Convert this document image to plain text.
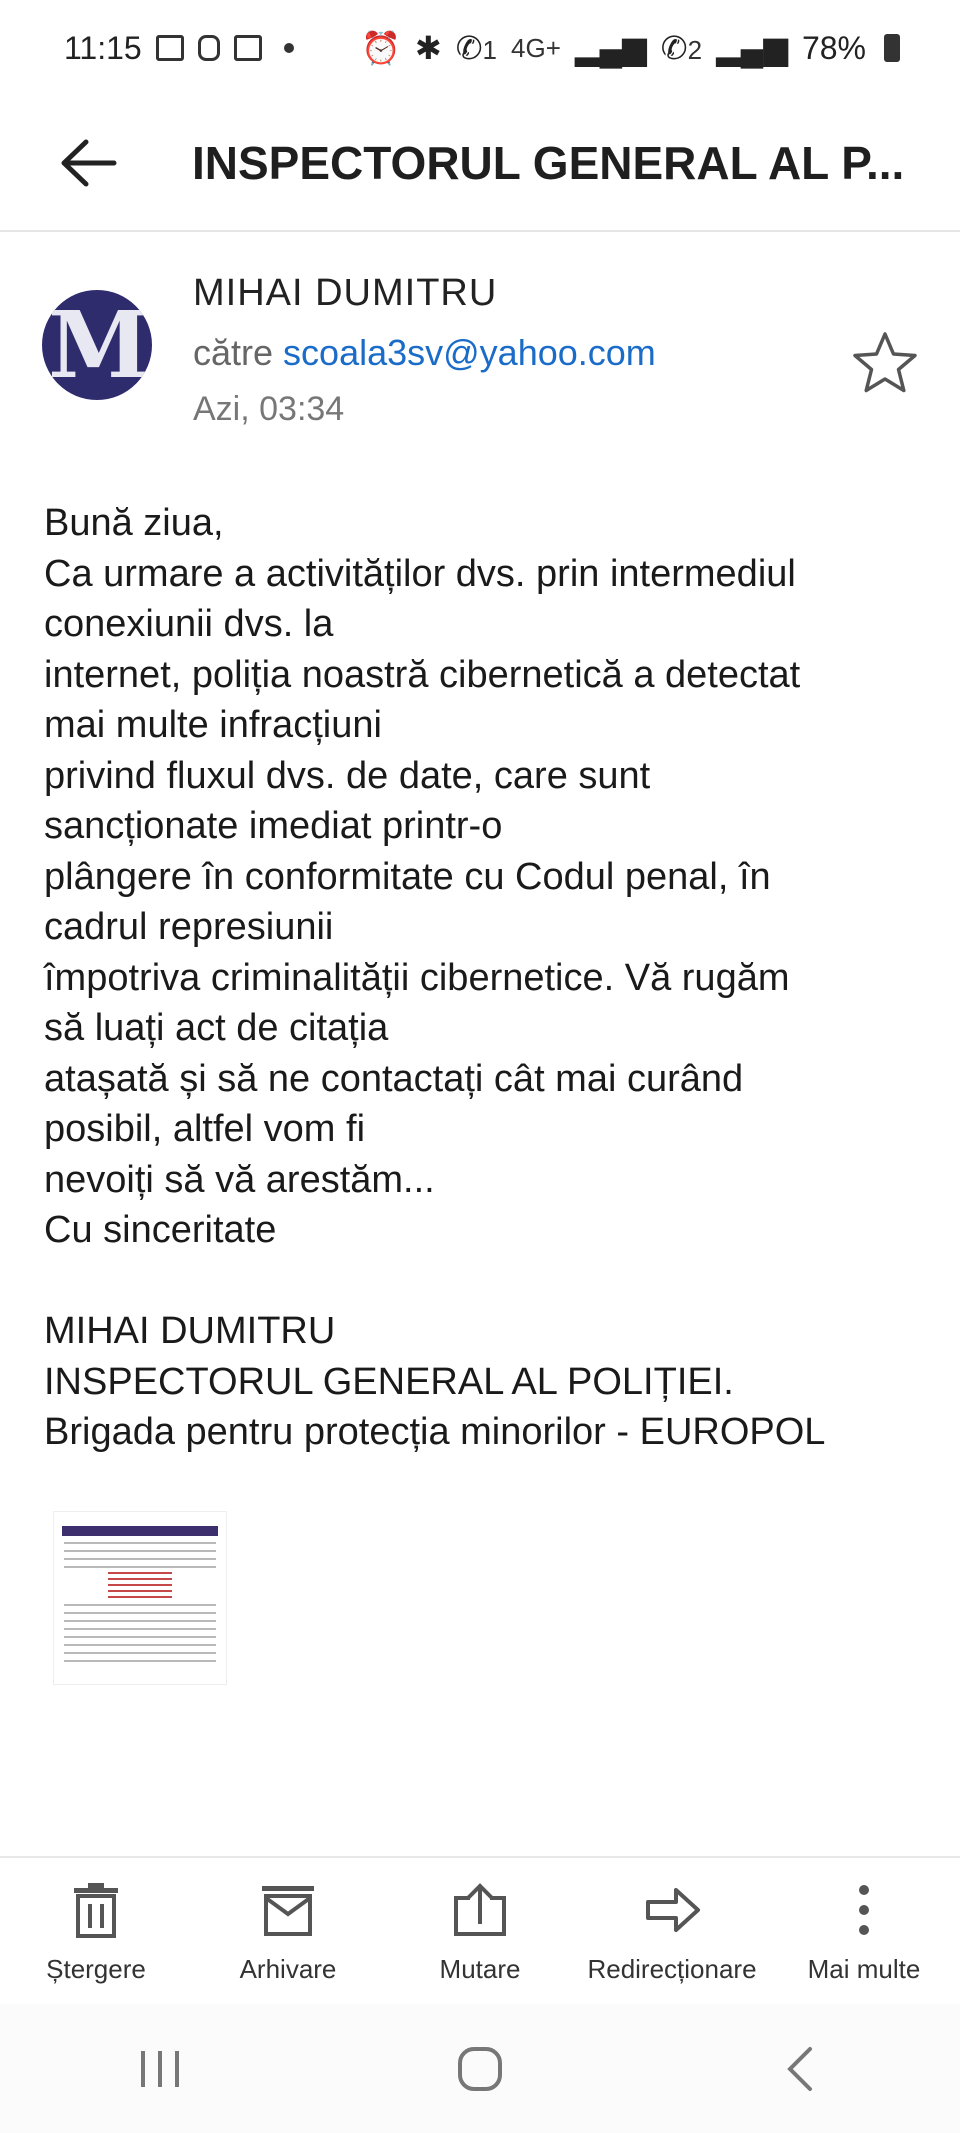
11:15	⏰ ✱ ✆1 4G+ ▂▄▆ ✆2 ▂▄▆ 78%
INSPECTORUL GENERAL AL P...
M MIHAI DUMITRU
către scoala3sv@yahoo.com
Azi, 03:34
Bună ziua,
Ca urmare a activităților dvs. prin intermediul
conexiunii dvs. la
internet, poliția noastră cibernetică a detectat
mai multe infracțiuni
privind fluxul dvs. de date, care sunt
sancționate imediat printr-o
plângere în conformitate cu Codul penal, în
cadrul represiunii
împotriva criminalității cibernetice. Vă rugăm
să luați act de citația
atașată și să ne contactați cât mai curând
posibil, altfel vom fi
nevoiți să vă arestăm...
Cu sinceritate
MIHAI DUMITRU
INSPECTORUL GENERAL AL POLIȚIEI.
Brigada pentru protecția minorilor - EUROPOL
Ștergere	Arhivare	Mutare	Redirecționare Mai multe
